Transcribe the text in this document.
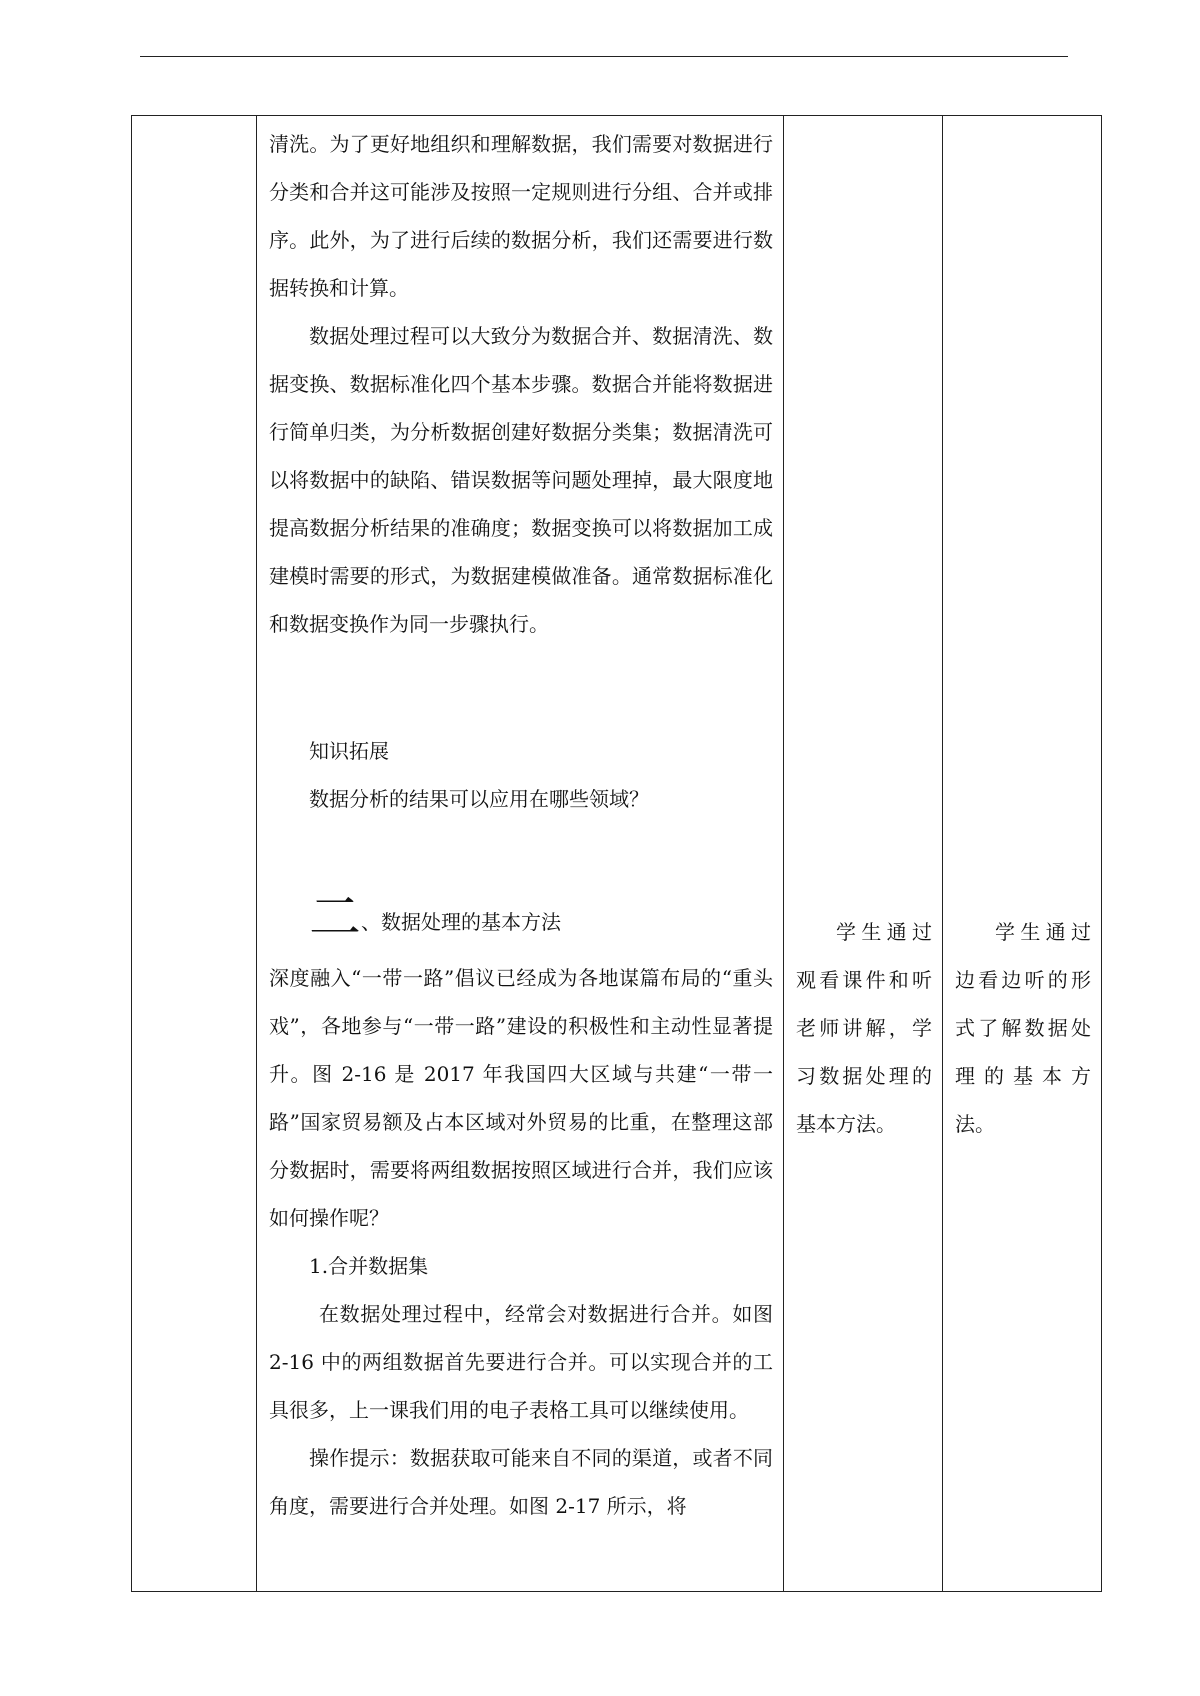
清洗。为了更好地组织和理解数据，我们需要对数据进行分类和合并这可能涉及按照一定规则进行分组、合并或排序。此外，为了进行后续的数据分析，我们还需要进行数据转换和计算。

数据处理过程可以大致分为数据合并、数据清洗、数据变换、数据标准化四个基本步骤。数据合并能将数据进行简单归类，为分析数据创建好数据分类集；数据清洗可以将数据中的缺陷、错误数据等问题处理掉，最大限度地提高数据分析结果的准确度；数据变换可以将数据加工成建模时需要的形式，为数据建模做准备。通常数据标准化和数据变换作为同一步骤执行。

知识拓展

数据分析的结果可以应用在哪些领域？

二、数据处理的基本方法

深度融入“一带一路”倡议已经成为各地谋篇布局的“重头戏”，各地参与“一带一路”建设的积极性和主动性显著提升。图 2-16 是 2017 年我国四大区域与共建“一带一路”国家贸易额及占本区域对外贸易的比重，在整理这部分数据时，需要将两组数据按照区域进行合并，我们应该如何操作呢？

1.合并数据集

在数据处理过程中，经常会对数据进行合并。如图 2-16 中的两组数据首先要进行合并。可以实现合并的工具很多，上一课我们用的电子表格工具可以继续使用。

操作提示：数据获取可能来自不同的渠道，或者不同角度，需要进行合并处理。如图 2-17 所示，将

学生通过观看课件和听老师讲解，学习数据处理的基本方法。

学生通过边看边听的形式了解数据处理的基本方法。
